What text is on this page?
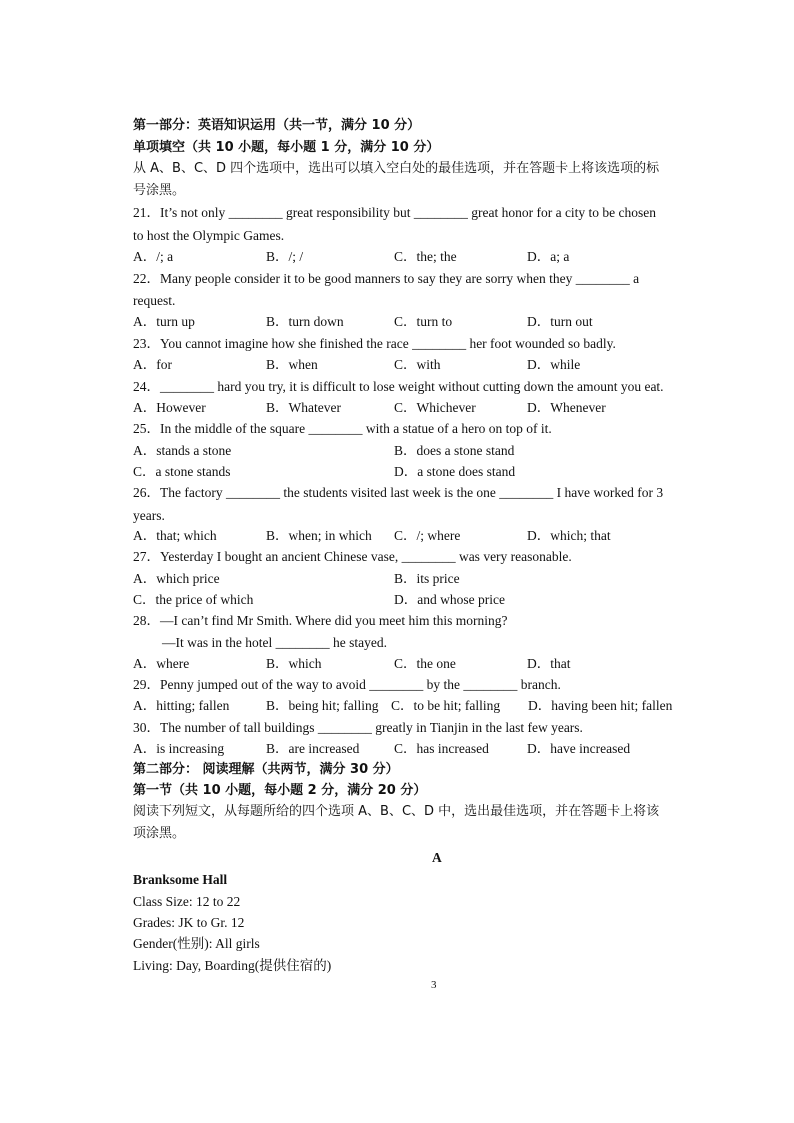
第一部分：英语知识运用（共一节，满分 10 分）
单项填空（共 10 小题，每小题 1 分，满分 10 分）
从 A、B、C、D 四个选项中，选出可以填入空白处的最佳选项，并在答题卡上将该选项的标
号涂黑。
21．It’s not only ________ great responsibility but ________ great honor for a city to be chosen
to host the Olympic Games.
A．/; a	B．/; /	C．the; the	D．a; a
22．Many people consider it to be good manners to say they are sorry when they ________ a
request.
A．turn up	B．turn down	C．turn to	D．turn out
23．You cannot imagine how she finished the race ________ her foot wounded so badly.
A．for	B．when	C．with	D．while
24．________ hard you try, it is difficult to lose weight without cutting down the amount you eat.
A．However	B．Whatever	C．Whichever	D．Whenever
25．In the middle of the square ________ with a statue of a hero on top of it.
A．stands a stone	B．does a stone stand
C．a stone stands	D．a stone does stand
26．The factory ________ the students visited last week is the one ________ I have worked for 3
years.
A．that; which	B．when; in which C．/; where	D．which; that
27．Yesterday I bought an ancient Chinese vase, ________ was very reasonable.
A．which price	B．its price
C．the price of which	D．and whose price
28．—I can’t find Mr Smith. Where did you meet him this morning?
—It was in the hotel ________ he stayed.
A．where	B．which	C．the one	D．that
29．Penny jumped out of the way to avoid ________ by the ________ branch.
A．hitting; fallen	B．being hit; falling C．to be hit; falling D．having been hit; fallen
30．The number of tall buildings ________ greatly in Tianjin in the last few years.
A．is increasing	B．are increased	C．has increased	D．have increased
第二部分： 阅读理解（共两节，满分 30 分）
第一节（共 10 小题，每小题 2 分，满分 20 分）
阅读下列短文，从每题所给的四个选项 A、B、C、D 中，选出最佳选项，并在答题卡上将该
项涂黑。
A
Branksome Hall
Class Size: 12 to 22
Grades: JK to Gr. 12
Gender(性别): All girls
Living: Day, Boarding(提供住宿的)
3
